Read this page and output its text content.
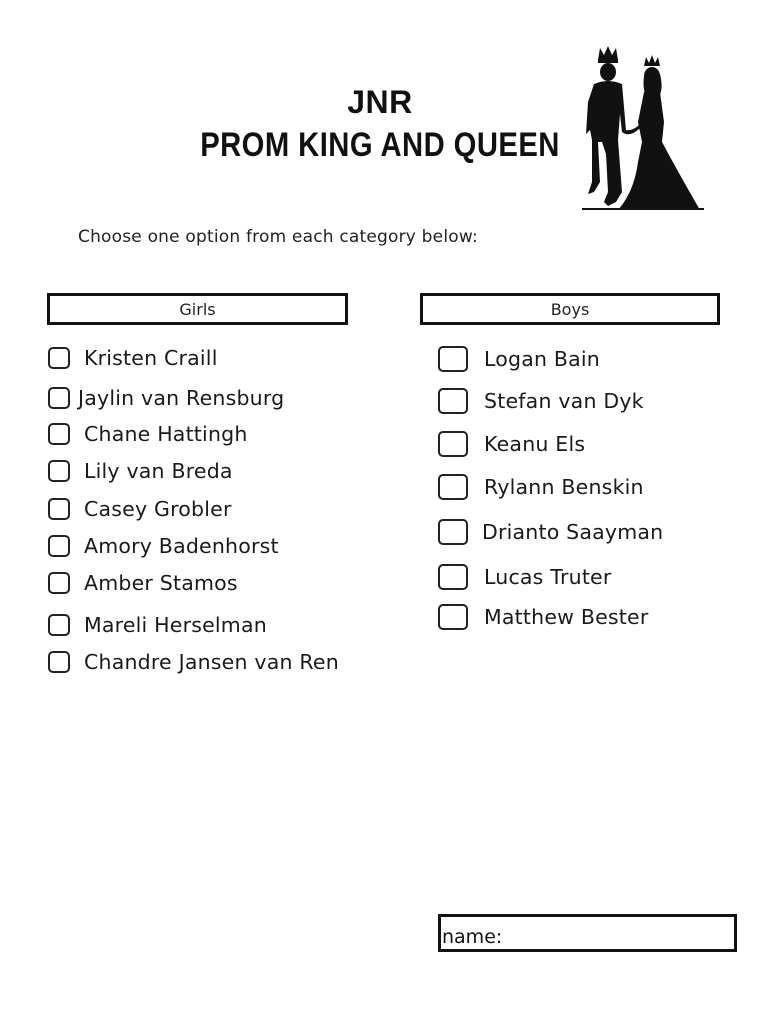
JNR
PROM KING AND QUEEN
Choose one option from each category below:
Girls	Boys
Kristen Craill
Jaylin van Rensburg
Chane Hattingh
Lily van Breda
Casey Grobler
Amory Badenhorst
Amber Stamos
Mareli Herselman
Chandre Jansen van Ren
Logan Bain
Stefan van Dyk
Keanu Els
Rylann Benskin
Drianto Saayman
Lucas Truter
Matthew Bester
name:
